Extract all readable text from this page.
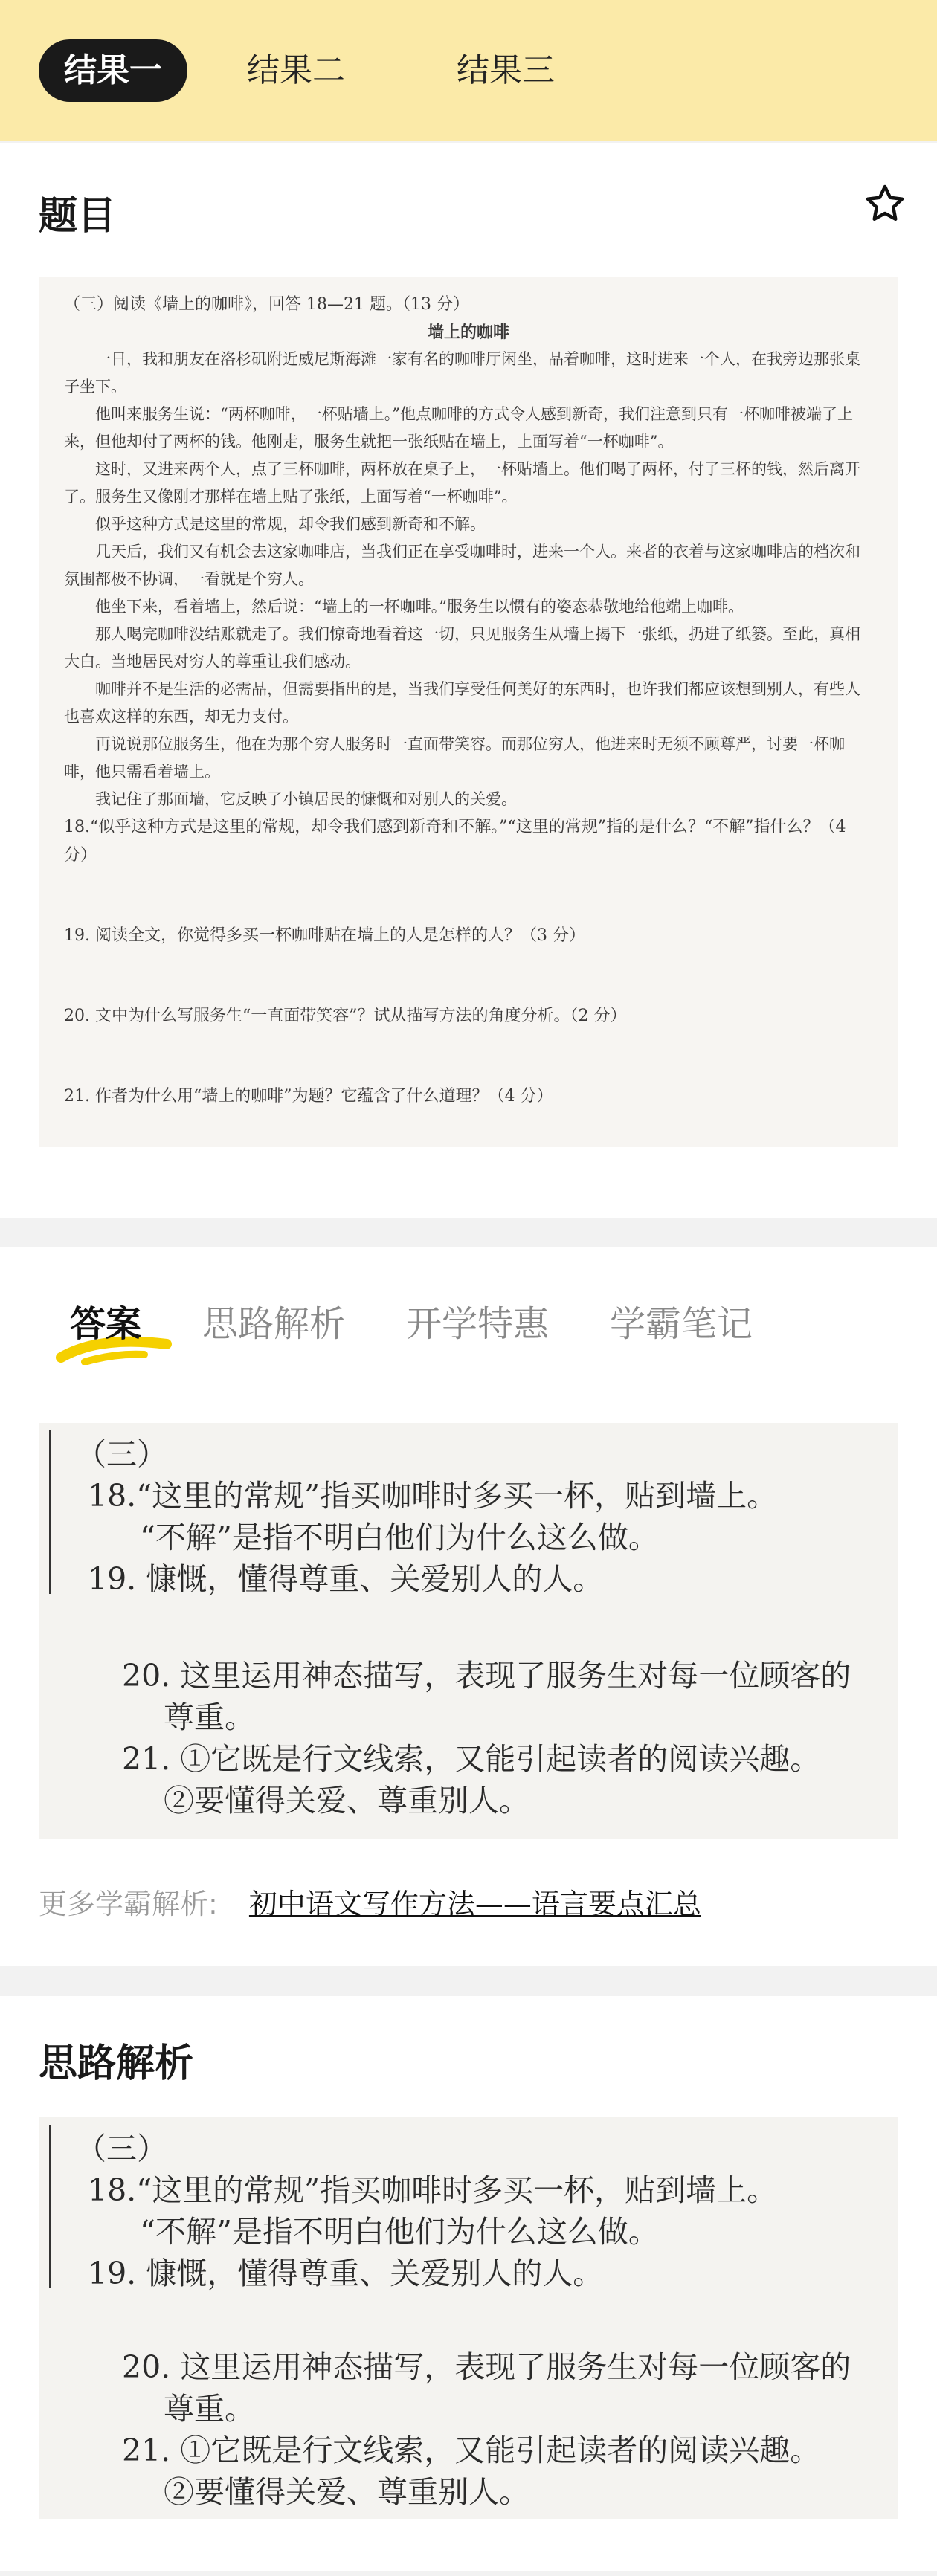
结果一	结果二	结果三
题目
（三）阅读《墙上的咖啡》，回答 18—21 题。（13 分）
墙上的咖啡
一日，我和朋友在洛杉矶附近威尼斯海滩一家有名的咖啡厅闲坐，品着咖啡，这时进来一个人，在我旁边那张桌子坐下。
他叫来服务生说：“两杯咖啡，一杯贴墙上。”他点咖啡的方式令人感到新奇，我们注意到只有一杯咖啡被端了上来，但他却付了两杯的钱。他刚走，服务生就把一张纸贴在墙上，上面写着“一杯咖啡”。
这时，又进来两个人，点了三杯咖啡，两杯放在桌子上，一杯贴墙上。他们喝了两杯，付了三杯的钱，然后离开了。服务生又像刚才那样在墙上贴了张纸，上面写着“一杯咖啡”。
似乎这种方式是这里的常规，却令我们感到新奇和不解。
几天后，我们又有机会去这家咖啡店，当我们正在享受咖啡时，进来一个人。来者的衣着与这家咖啡店的档次和氛围都极不协调，一看就是个穷人。
他坐下来，看着墙上，然后说：“墙上的一杯咖啡。”服务生以惯有的姿态恭敬地给他端上咖啡。
那人喝完咖啡没结账就走了。我们惊奇地看着这一切，只见服务生从墙上揭下一张纸，扔进了纸篓。至此，真相大白。当地居民对穷人的尊重让我们感动。
咖啡并不是生活的必需品，但需要指出的是，当我们享受任何美好的东西时，也许我们都应该想到别人，有些人也喜欢这样的东西，却无力支付。
再说说那位服务生，他在为那个穷人服务时一直面带笑容。而那位穷人，他进来时无须不顾尊严，讨要一杯咖啡，他只需看着墙上。
我记住了那面墙，它反映了小镇居民的慷慨和对别人的关爱。
18.“似乎这种方式是这里的常规，却令我们感到新奇和不解。”“这里的常规”指的是什么？“不解”指什么？（4 分）
19. 阅读全文，你觉得多买一杯咖啡贴在墙上的人是怎样的人？（3 分）
20. 文中为什么写服务生“一直面带笑容”？试从描写方法的角度分析。（2 分）
21. 作者为什么用“墙上的咖啡”为题？它蕴含了什么道理？（4 分）
答案 思路解析 开学特惠 学霸笔记
（三）
18.“这里的常规”指买咖啡时多买一杯，贴到墙上。
“不解”是指不明白他们为什么这么做。
19. 慷慨，懂得尊重、关爱别人的人。
20. 这里运用神态描写，表现了服务生对每一位顾客的
尊重。
21. ①它既是行文线索，又能引起读者的阅读兴趣。
②要懂得关爱、尊重别人。
更多学霸解析: 初中语文写作方法——语言要点汇总
思路解析
（三）
18.“这里的常规”指买咖啡时多买一杯，贴到墙上。
“不解”是指不明白他们为什么这么做。
19. 慷慨，懂得尊重、关爱别人的人。
20. 这里运用神态描写，表现了服务生对每一位顾客的
尊重。
21. ①它既是行文线索，又能引起读者的阅读兴趣。
②要懂得关爱、尊重别人。
